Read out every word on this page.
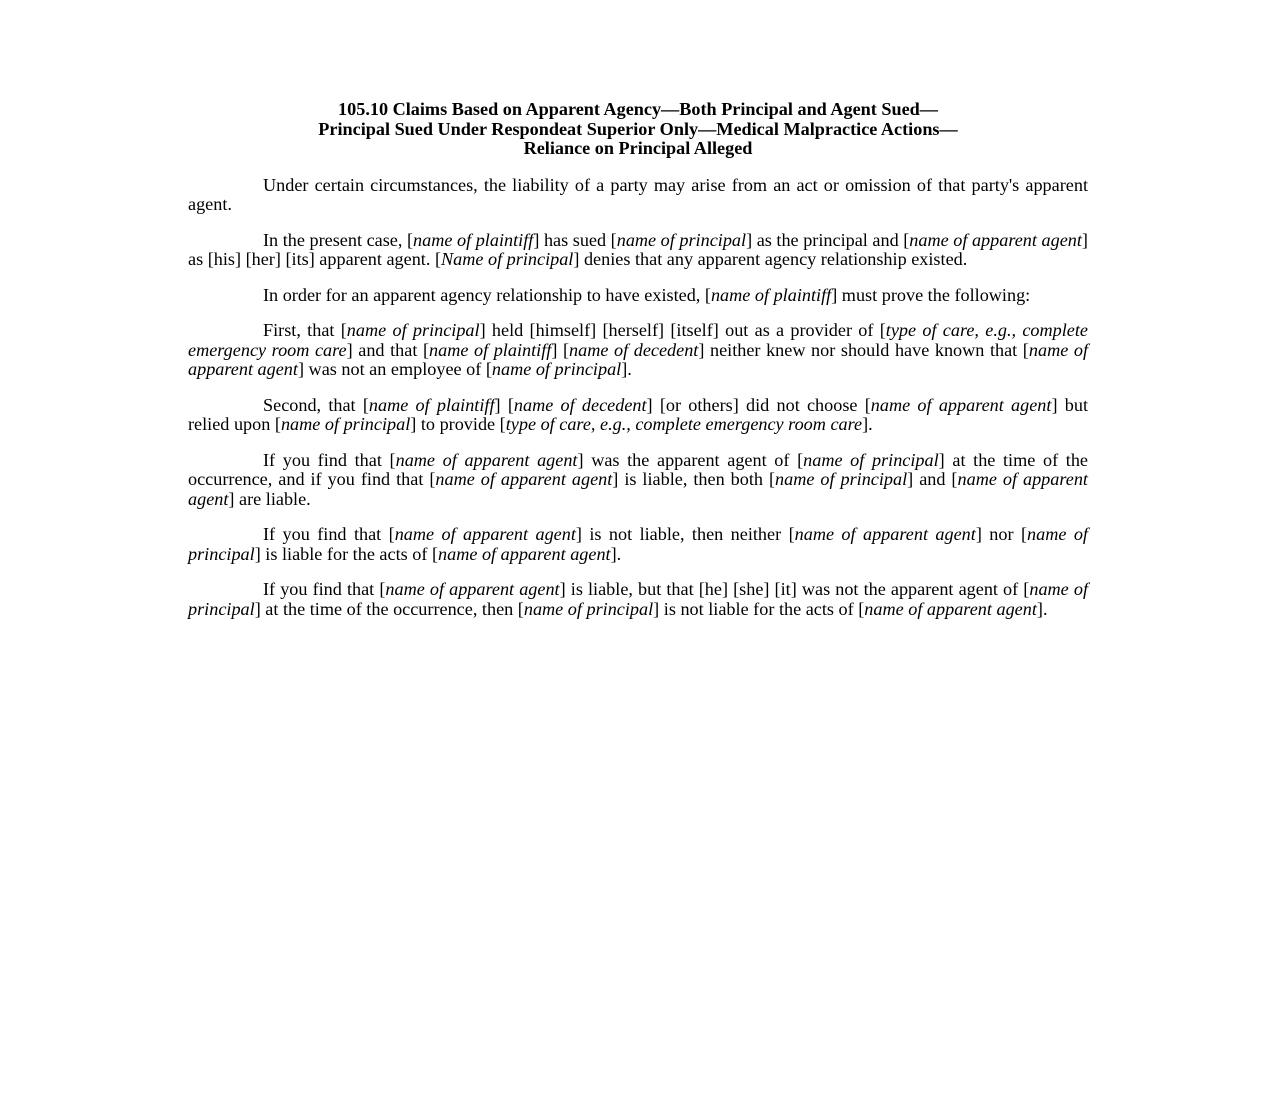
105.10 Claims Based on Apparent Agency—Both Principal and Agent Sued—
Principal Sued Under Respondeat Superior Only—Medical Malpractice Actions—
Reliance on Principal Alleged

Under certain circumstances, the liability of a party may arise from an act or omission of that party's apparent agent.

In the present case, [name of plaintiff] has sued [name of principal] as the principal and [name of apparent agent] as [his] [her] [its] apparent agent. [Name of principal] denies that any apparent agency relationship existed.

In order for an apparent agency relationship to have existed, [name of plaintiff] must prove the following:

First, that [name of principal] held [himself] [herself] [itself] out as a provider of [type of care, e.g., complete emergency room care] and that [name of plaintiff] [name of decedent] neither knew nor should have known that [name of apparent agent] was not an employee of [name of principal].

Second, that [name of plaintiff] [name of decedent] [or others] did not choose [name of apparent agent] but relied upon [name of principal] to provide [type of care, e.g., complete emergency room care].

If you find that [name of apparent agent] was the apparent agent of [name of principal] at the time of the occurrence, and if you find that [name of apparent agent] is liable, then both [name of principal] and [name of apparent agent] are liable.

If you find that [name of apparent agent] is not liable, then neither [name of apparent agent] nor [name of principal] is liable for the acts of [name of apparent agent].

If you find that [name of apparent agent] is liable, but that [he] [she] [it] was not the apparent agent of [name of principal] at the time of the occurrence, then [name of principal] is not liable for the acts of [name of apparent agent].
